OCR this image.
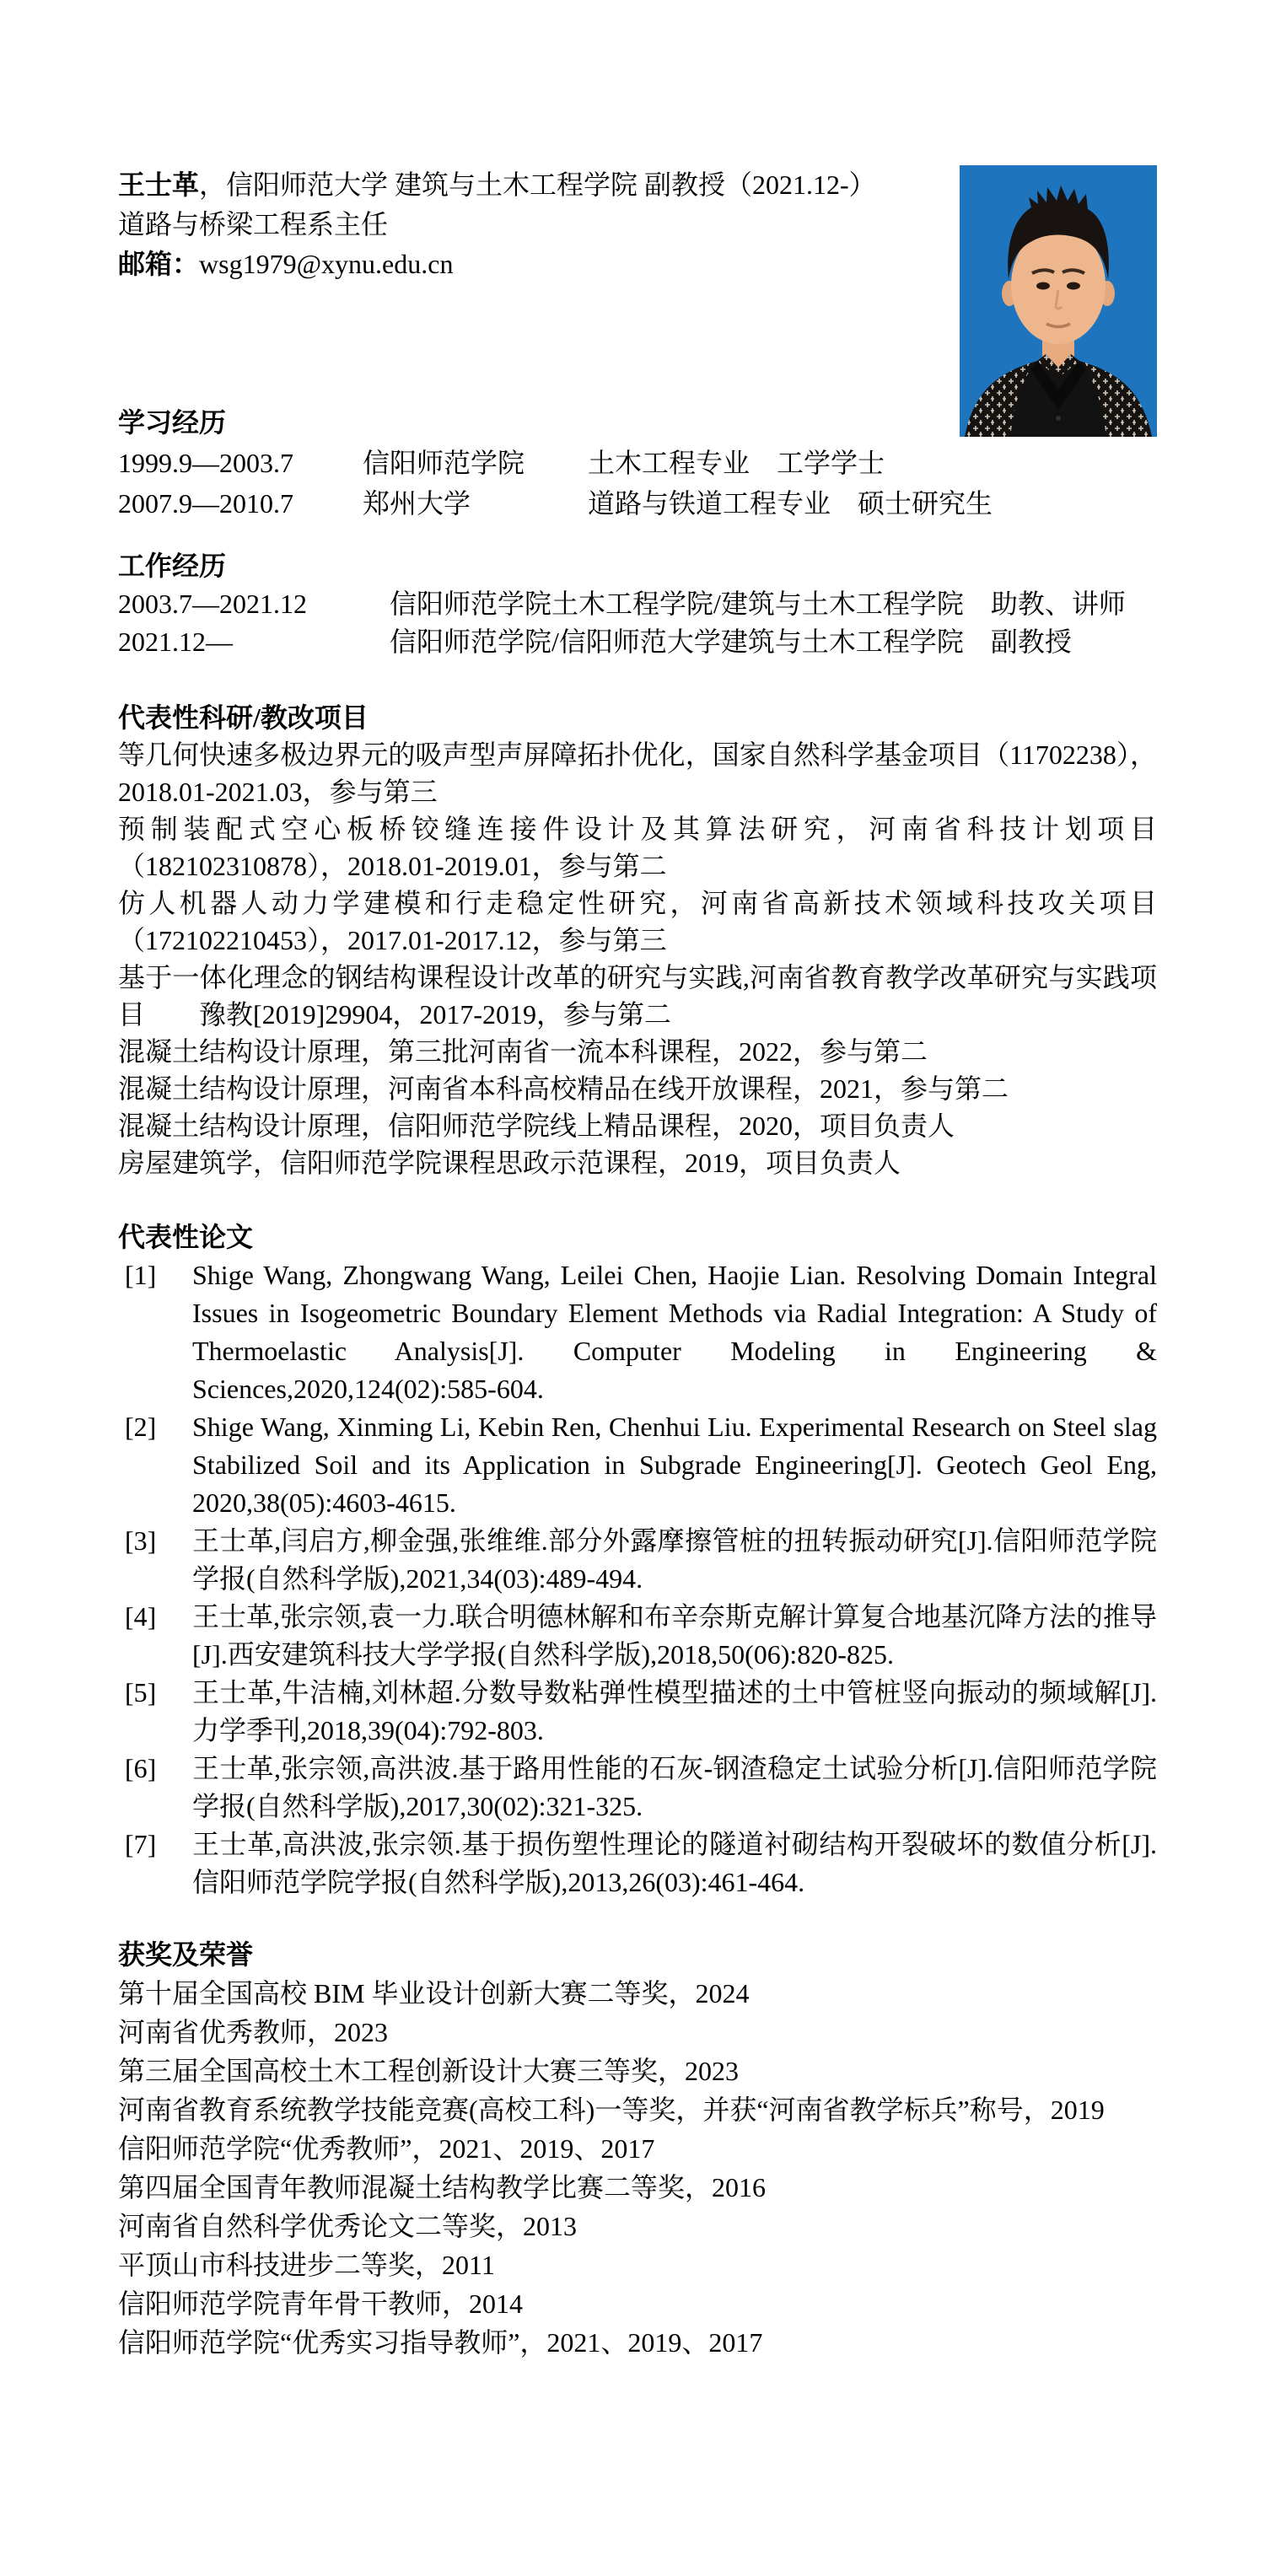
王士革，信阳师范大学 建筑与土木工程学院 副教授（2021.12-）
道路与桥梁工程系主任
邮箱：wsg1979@xynu.edu.cn
学习经历
1999.9—2003.7	信阳师范学院	土木工程专业　工学学士
2007.9—2010.7	郑州大学	道路与铁道工程专业　硕士研究生
工作经历
2003.7—2021.12	信阳师范学院土木工程学院/建筑与土木工程学院　助教、讲师
2021.12—	信阳师范学院/信阳师范大学建筑与土木工程学院　副教授
代表性科研/教改项目

等几何快速多极边界元的吸声型声屏障拓扑优化，国家自然科学基金项目（11702238），2018.01-2021.03，参与第三

预制装配式空心板桥铰缝连接件设计及其算法研究，河南省科技计划项目（182102310878），2018.01-2019.01，参与第二

仿人机器人动力学建模和行走稳定性研究，河南省高新技术领域科技攻关项目（172102210453），2017.01-2017.12，参与第三

基于一体化理念的钢结构课程设计改革的研究与实践,河南省教育教学改革研究与实践项目　　豫教[2019]29904，2017-2019，参与第二

混凝土结构设计原理，第三批河南省一流本科课程，2022，参与第二

混凝土结构设计原理，河南省本科高校精品在线开放课程，2021，参与第二

混凝土结构设计原理，信阳师范学院线上精品课程，2020，项目负责人

房屋建筑学，信阳师范学院课程思政示范课程，2019，项目负责人

代表性论文
[1] Shige Wang, Zhongwang Wang, Leilei Chen, Haojie Lian. Resolving Domain Integral Issues in Isogeometric Boundary Element Methods via Radial Integration: A Study of Thermoelastic Analysis[J]. Computer Modeling in Engineering & Sciences,2020,124(02):585-604.
[2] Shige Wang, Xinming Li, Kebin Ren, Chenhui Liu. Experimental Research on Steel slag Stabilized Soil and its Application in Subgrade Engineering[J]. Geotech Geol Eng, 2020,38(05):4603-4615.
[3] 王士革,闫启方,柳金强,张维维.部分外露摩擦管桩的扭转振动研究[J].信阳师范学院学报(自然科学版),2021,34(03):489-494.
[4] 王士革,张宗领,袁一力.联合明德林解和布辛奈斯克解计算复合地基沉降方法的推导[J].西安建筑科技大学学报(自然科学版),2018,50(06):820-825.
[5] 王士革,牛洁楠,刘林超.分数导数粘弹性模型描述的土中管桩竖向振动的频域解[J].力学季刊,2018,39(04):792-803.
[6] 王士革,张宗领,高洪波.基于路用性能的石灰-钢渣稳定土试验分析[J].信阳师范学院学报(自然科学版),2017,30(02):321-325.
[7] 王士革,高洪波,张宗领.基于损伤塑性理论的隧道衬砌结构开裂破坏的数值分析[J].信阳师范学院学报(自然科学版),2013,26(03):461-464.
获奖及荣誉

第十届全国高校 BIM 毕业设计创新大赛二等奖，2024

河南省优秀教师，2023

第三届全国高校土木工程创新设计大赛三等奖，2023

河南省教育系统教学技能竞赛(高校工科)一等奖，并获“河南省教学标兵”称号，2019

信阳师范学院“优秀教师”，2021、2019、2017

第四届全国青年教师混凝土结构教学比赛二等奖，2016

河南省自然科学优秀论文二等奖，2013

平顶山市科技进步二等奖，2011

信阳师范学院青年骨干教师，2014

信阳师范学院“优秀实习指导教师”，2021、2019、2017
